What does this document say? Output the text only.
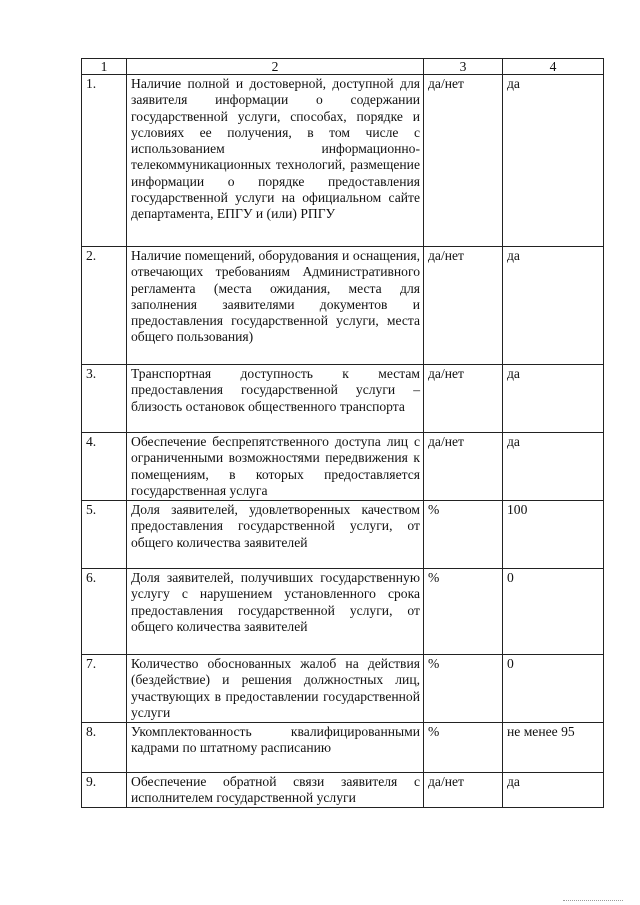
1	2	3	4
1.	Наличие полной и достоверной, доступной для заявителя информации о содержании государственной услуги, способах, порядке и условиях ее получения, в том числе с использованием информационно-телекоммуникационных технологий, размещение информации о порядке предоставления государственной услуги на официальном сайте департамента, ЕПГУ и (или) РПГУ	да/нет	да
2.	Наличие помещений, оборудования и оснащения, отвечающих требованиям Административного регламента (места ожидания, места для заполнения заявителями документов и предоставления государственной услуги, места общего пользования)	да/нет	да
3.	Транспортная доступность к местам предоставления государственной услуги – близость остановок общественного транспорта	да/нет	да
4.	Обеспечение беспрепятственного доступа лиц с ограниченными возможностями передвижения к помещениям, в которых предоставляется государственная услуга	да/нет	да
5.	Доля заявителей, удовлетворенных качеством предоставления государственной услуги, от общего количества заявителей	%	100
6.	Доля заявителей, получивших государственную услугу с нарушением установленного срока предоставления государственной услуги, от общего количества заявителей	%	0
7.	Количество обоснованных жалоб на действия (бездействие) и решения должностных лиц, участвующих в предоставлении государственной услуги	%	0
8.	Укомплектованность квалифицированными кадрами по штатному расписанию	%	не менее 95
9.	Обеспечение обратной связи заявителя с исполнителем государственной услуги	да/нет	да
